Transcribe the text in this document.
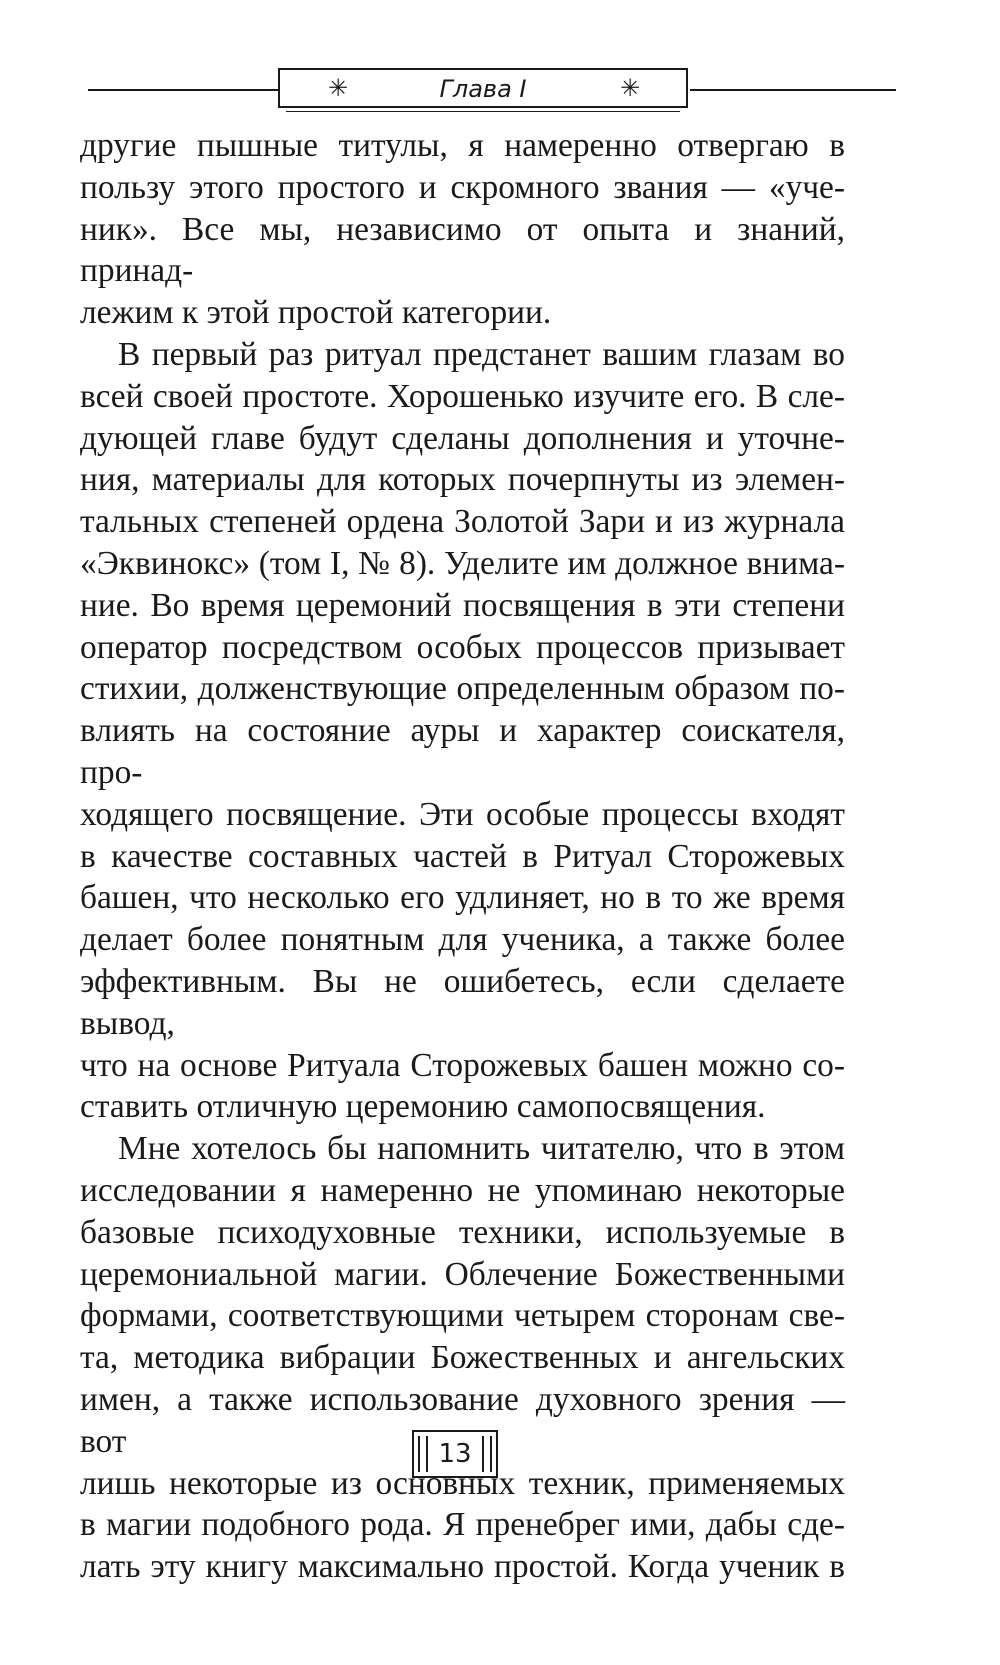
✳	Глава I	✳

другие пышные титулы, я намеренно отвергаю в

пользу этого простого и скромного звания — «уче-

ник». Все мы, независимо от опыта и знаний, принад-

лежим к этой простой категории.

В первый раз ритуал предстанет вашим глазам во

всей своей простоте. Хорошенько изучите его. В сле-

дующей главе будут сделаны дополнения и уточне-

ния, материалы для которых почерпнуты из элемен-

тальных степеней ордена Золотой Зари и из журнала

«Эквинокс» (том I, № 8). Уделите им должное внима-

ние. Во время церемоний посвящения в эти степени

оператор посредством особых процессов призывает

стихии, долженствующие определенным образом по-

влиять на состояние ауры и характер соискателя, про-

ходящего посвящение. Эти особые процессы входят

в качестве составных частей в Ритуал Сторожевых

башен, что несколько его удлиняет, но в то же время

делает более понятным для ученика, а также более

эффективным. Вы не ошибетесь, если сделаете вывод,

что на основе Ритуала Сторожевых башен можно со-

ставить отличную церемонию самопосвящения.

Мне хотелось бы напомнить читателю, что в этом

исследовании я намеренно не упоминаю некоторые

базовые психодуховные техники, используемые в

церемониальной магии. Облечение Божественными

формами, соответствующими четырем сторонам све-

та, методика вибрации Божественных и ангельских

имен, а также использование духовного зрения — вот

лишь некоторые из основных техник, применяемых

в магии подобного рода. Я пренебрег ими, дабы сде-

лать эту книгу максимально простой. Когда ученик в

13
